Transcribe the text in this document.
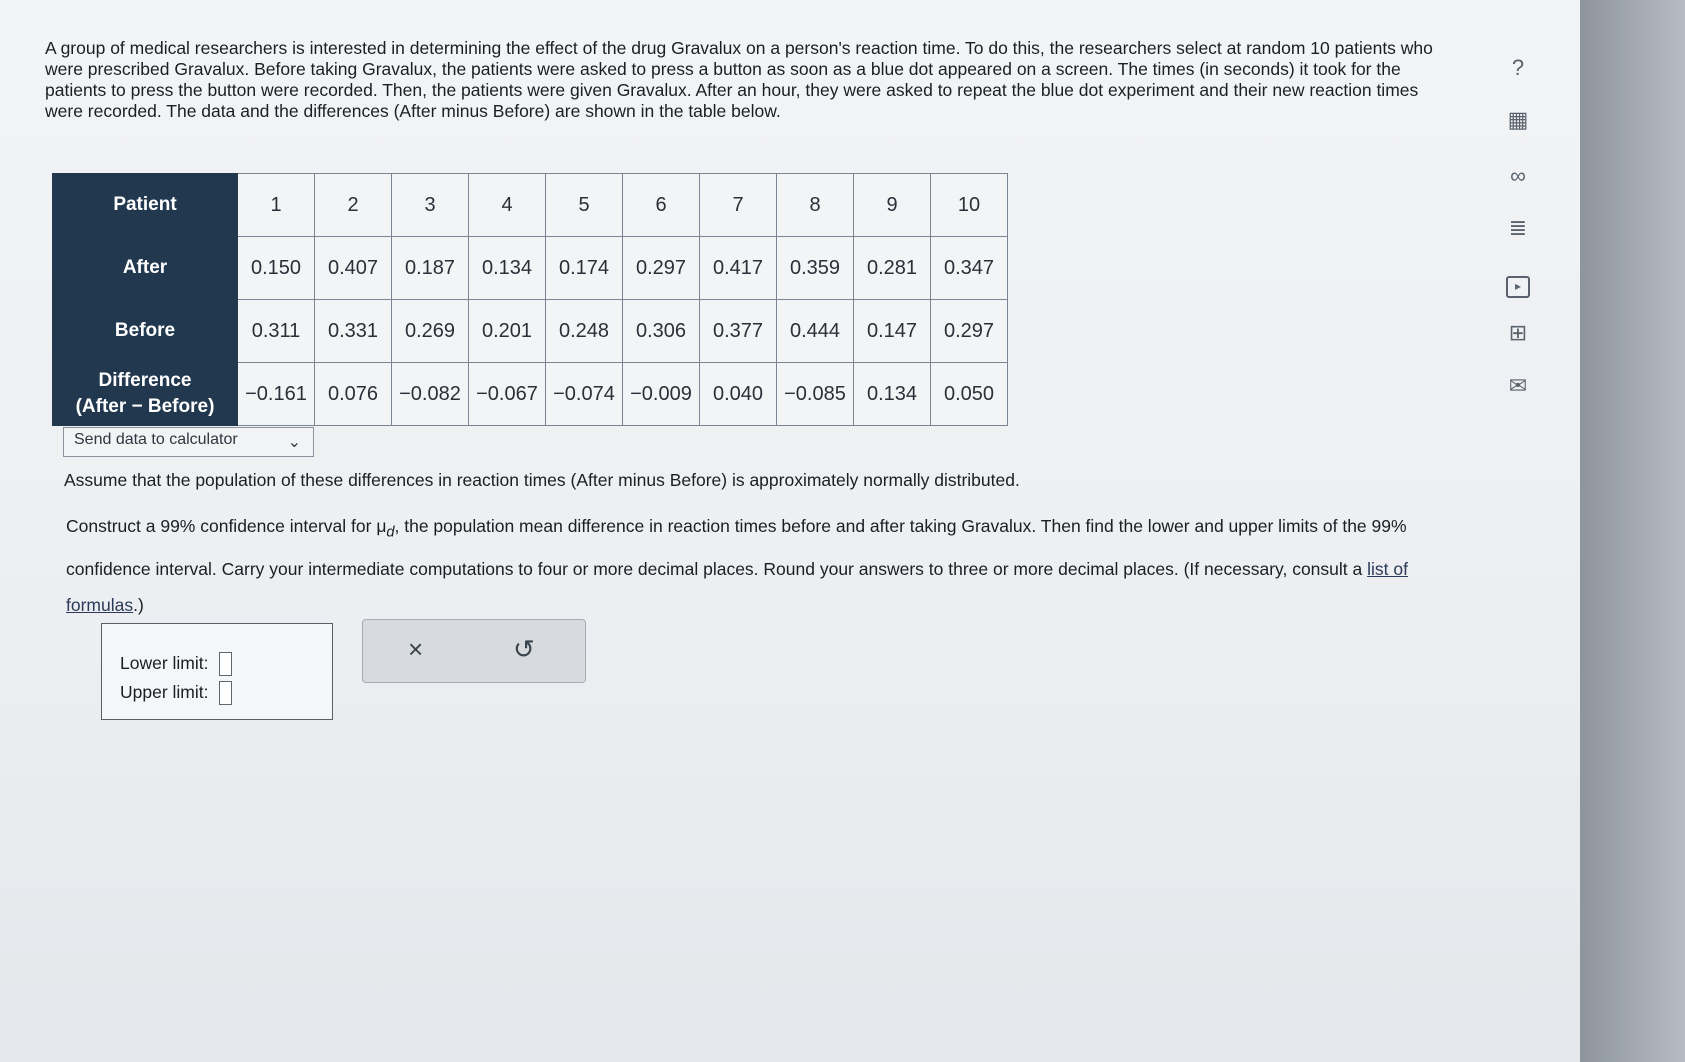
A group of medical researchers is interested in determining the effect of the drug Gravalux on a person's reaction time. To do this, the researchers select at random 10 patients who were prescribed Gravalux. Before taking Gravalux, the patients were asked to press a button as soon as a blue dot appeared on a screen. The times (in seconds) it took for the patients to press the button were recorded. Then, the patients were given Gravalux. After an hour, they were asked to repeat the blue dot experiment and their new reaction times were recorded. The data and the differences (After minus Before) are shown in the table below.
Patient	1	2	3	4	5	6	7	8	9	10
After	0.150	0.407	0.187	0.134	0.174	0.297	0.417	0.359	0.281	0.347
Before	0.311	0.331	0.269	0.201	0.248	0.306	0.377	0.444	0.147	0.297

Difference
(After − Before)	−0.161	0.076	−0.082	−0.067	−0.074	−0.009	0.040	−0.085	0.134	0.050
Send data to calculator	⌄
Assume that the population of these differences in reaction times (After minus Before) is approximately normally distributed.
Construct a 99% confidence interval for $\mu_d$, the population mean difference in reaction times before and after taking Gravalux. Then find the lower and upper limits of the 99% confidence interval. Carry your intermediate computations to four or more decimal places. Round your answers to three or more decimal places. (If necessary, consult a list of formulas.)
Lower limit:
Upper limit:
×	↺
?
▦
∞
≣
▸
⊞
✉
